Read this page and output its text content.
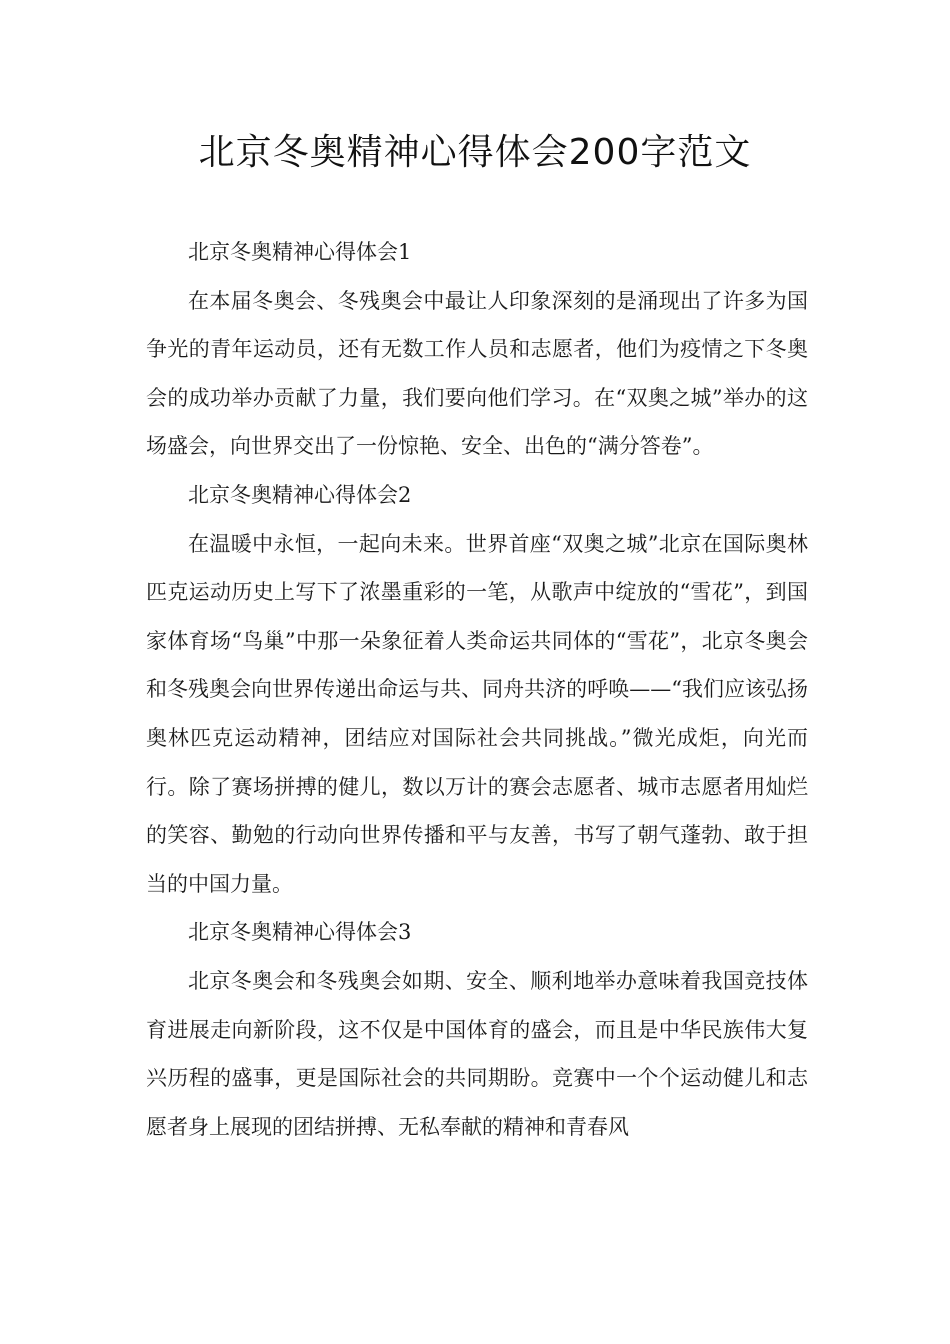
北京冬奥精神心得体会200字范文

北京冬奥精神心得体会1

在本届冬奥会、冬残奥会中最让人印象深刻的是涌现出了许多为国争光的青年运动员，还有无数工作人员和志愿者，他们为疫情之下冬奥会的成功举办贡献了力量，我们要向他们学习。在“双奥之城”举办的这场盛会，向世界交出了一份惊艳、安全、出色的“满分答卷”。

北京冬奥精神心得体会2

在温暖中永恒，一起向未来。世界首座“双奥之城”北京在国际奥林匹克运动历史上写下了浓墨重彩的一笔，从歌声中绽放的“雪花”，到国家体育场“鸟巢”中那一朵象征着人类命运共同体的“雪花”，北京冬奥会和冬残奥会向世界传递出命运与共、同舟共济的呼唤——“我们应该弘扬奥林匹克运动精神，团结应对国际社会共同挑战。”微光成炬，向光而行。除了赛场拼搏的健儿，数以万计的赛会志愿者、城市志愿者用灿烂的笑容、勤勉的行动向世界传播和平与友善，书写了朝气蓬勃、敢于担当的中国力量。

北京冬奥精神心得体会3

北京冬奥会和冬残奥会如期、安全、顺利地举办意味着我国竞技体育进展走向新阶段，这不仅是中国体育的盛会，而且是中华民族伟大复兴历程的盛事，更是国际社会的共同期盼。竞赛中一个个运动健儿和志愿者身上展现的团结拼搏、无私奉献的精神和青春风
